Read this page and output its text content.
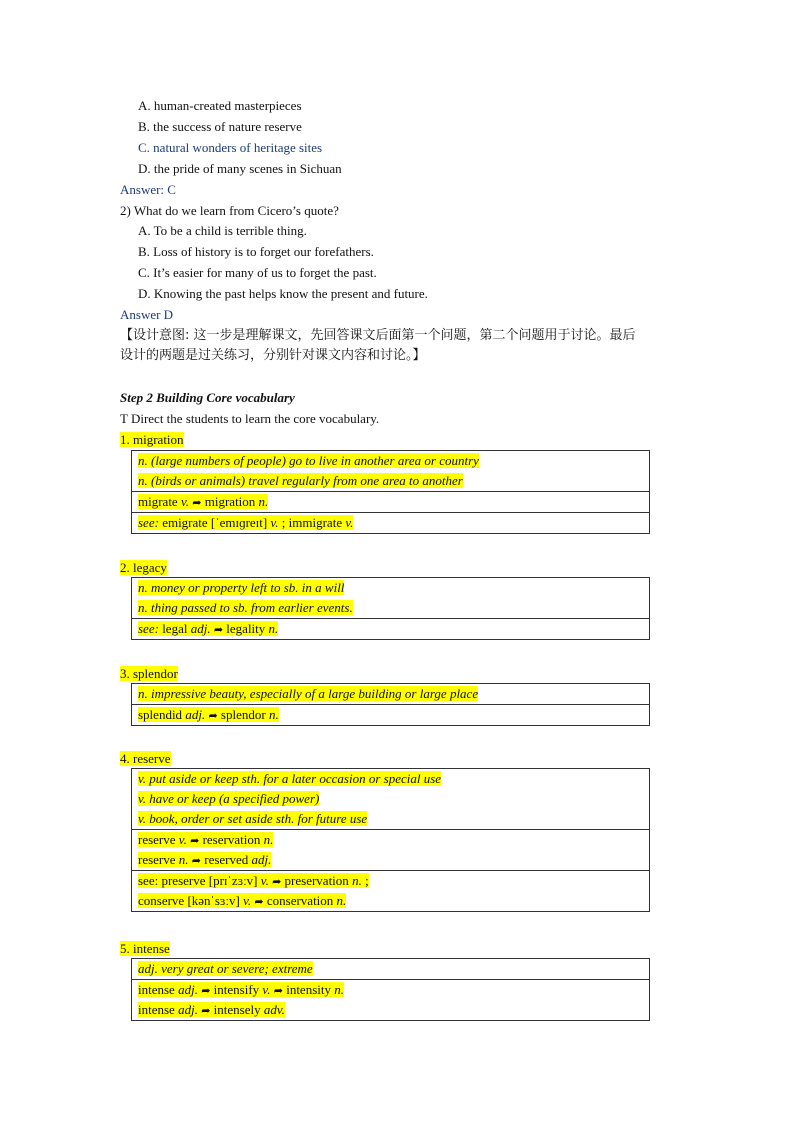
A. human-created masterpieces
B. the success of nature reserve
C. natural wonders of heritage sites
D. the pride of many scenes in Sichuan
Answer: C
2) What do we learn from Cicero’s quote?
A. To be a child is terrible thing.
B. Loss of history is to forget our forefathers.
C. It’s easier for many of us to forget the past.
D. Knowing the past helps know the present and future.
Answer D
【设计意图: 这一步是理解课文，先回答课文后面第一个问题，第二个问题用于讨论。最后
设计的两题是过关练习，分别针对课文内容和讨论。】
Step 2 Building Core vocabulary
T Direct the students to learn the core vocabulary.
1. migration
n. (large numbers of people) go to live in another area or country
n. (birds or animals) travel regularly from one area to another

migrate v. ➦ migration n.

see: emigrate [ˈemɪɡreɪt] v. ; immigrate v.
2. legacy
n. money or property left to sb. in a will
n. thing passed to sb. from earlier events.

see: legal adj. ➦ legality n.
3. splendor
n. impressive beauty, especially of a large building or large place

splendid adj. ➦ splendor n.
4. reserve
v. put aside or keep sth. for a later occasion or special use
v. have or keep (a specified power)
v. book, order or set aside sth. for future use

reserve v. ➦ reservation n.
reserve n. ➦ reserved adj.

see: preserve [prɪˈzɜːv] v. ➦ preservation n. ;
conserve [kənˈsɜːv] v. ➦ conservation n.
5. intense
adj. very great or severe; extreme

intense adj. ➦ intensify v. ➦ intensity n.
intense adj. ➦ intensely adv.
